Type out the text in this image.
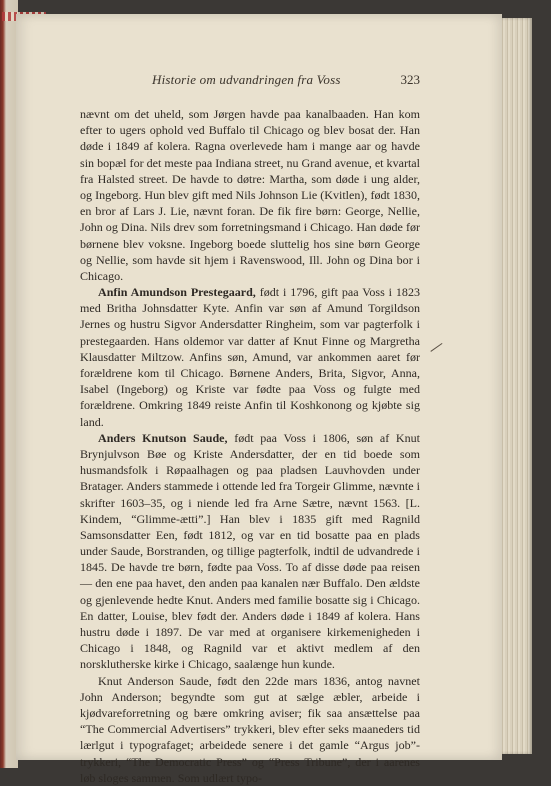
Historie om udvandringen fra Voss	323

nævnt om det uheld, som Jørgen havde paa kanalbaaden. Han kom efter to ugers ophold ved Buffalo til Chicago og blev bosat der. Han døde i 1849 af kolera. Ragna overlevede ham i mange aar og havde sin bopæl for det meste paa Indiana street, nu Grand avenue, et kvartal fra Halsted street. De havde to døtre: Martha, som døde i ung alder, og Ingeborg. Hun blev gift med Nils Johnson Lie (Kvitlen), født 1830, en bror af Lars J. Lie, nævnt foran. De fik fire børn: George, Nellie, John og Dina. Nils drev som forretningsmand i Chicago. Han døde før børnene blev voksne. Ingeborg boede sluttelig hos sine børn George og Nellie, som havde sit hjem i Ravenswood, Ill. John og Dina bor i Chicago.

Anfin Amundson Prestegaard, født i 1796, gift paa Voss i 1823 med Britha Johnsdatter Kyte. Anfin var søn af Amund Torgildson Jernes og hustru Sigvor Andersdatter Ringheim, som var pagterfolk i prestegaarden. Hans oldemor var datter af Knut Finne og Margretha Klausdatter Miltzow. Anfins søn, Amund, var ankommen aaret før forældrene kom til Chicago. Børnene Anders, Brita, Sigvor, Anna, Isabel (Ingeborg) og Kriste var fødte paa Voss og fulgte med forældrene. Omkring 1849 reiste Anfin til Koshkonong og kjøbte sig land.

Anders Knutson Saude, født paa Voss i 1806, søn af Knut Brynjulvson Bøe og Kriste Andersdatter, der en tid boede som husmandsfolk i Røpaalhagen og paa pladsen Lauvhovden under Bratager. Anders stammede i ottende led fra Torgeir Glimme, nævnte i skrifter 1603–35, og i niende led fra Arne Sætre, nævnt 1563. [L. Kindem, “Glimme-ætti”.] Han blev i 1835 gift med Ragnild Samsonsdatter Een, født 1812, og var en tid bosatte paa en plads under Saude, Borstranden, og tillige pagterfolk, indtil de udvandrede i 1845. De havde tre børn, fødte paa Voss. To af disse døde paa reisen — den ene paa havet, den anden paa kanalen nær Buffalo. Den ældste og gjenlevende hedte Knut. Anders med familie bosatte sig i Chicago. En datter, Louise, blev født der. Anders døde i 1849 af kolera. Hans hustru døde i 1897. De var med at organisere kirkemenigheden i Chicago i 1848, og Ragnild var et aktivt medlem af den norsklutherske kirke i Chicago, saalænge hun kunde.

Knut Anderson Saude, født den 22de mars 1836, antog navnet John Anderson; begyndte som gut at sælge æbler, arbeide i kjødvareforretning og bære omkring aviser; fik saa ansættelse paa “The Commercial Advertisers” trykkeri, blev efter seks maaneders tid lærlgut i typografaget; arbeidede senere i det gamle “Argus job”-trykkeri, “The Democratic Press” og “Press Tribune”, der i aarenes løb sloges sammen. Som udlært typo-
